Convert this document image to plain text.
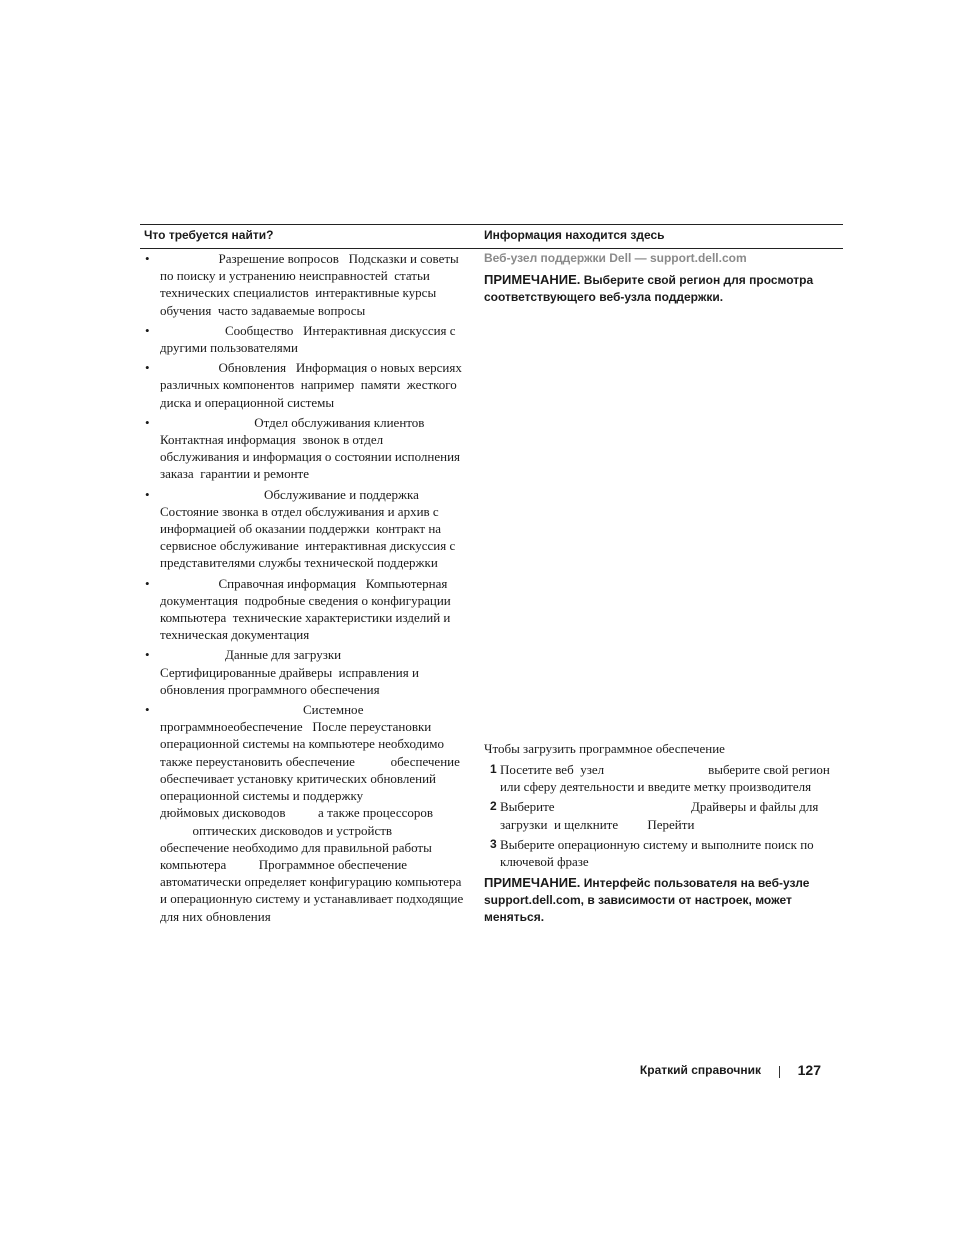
Что требуется найти?	Информация находится здесь
• Разрешение вопросов   Подсказки и советы
по поиску и устранению неисправностей  статьи
технических специалистов  интерактивные курсы
обучения  часто задаваемые вопросы
• Сообщество   Интерактивная дискуссия с
другими пользователями
• Обновления   Информация о новых версиях
различных компонентов  например  памяти  жесткого
диска и операционной системы
• Отдел обслуживания клиентов
Контактная информация  звонок в отдел
обслуживания и информация о состоянии исполнения
заказа  гарантии и ремонте
• Обслуживание и поддержка
Состояние звонка в отдел обслуживания и архив с
информацией об оказании поддержки  контракт на
сервисное обслуживание  интерактивная дискуссия с
представителями службы технической поддержки
• Справочная информация   Компьютерная
документация  подробные сведения о конфигурации
компьютера  технические характеристики изделий и
техническая документация
• Данные для загрузки
Сертифицированные драйверы  исправления и
обновления программного обеспечения
• Системное
программноеобеспечение   После переустановки
операционной системы на компьютере необходимо
также переустановить обеспечение           обеспечение
обеспечивает установку критических обновлений
операционной системы и поддержку
дюймовых дисководов          а также процессоров
оптических дисководов и устройств
обеспечение необходимо для правильной работы
компьютера          Программное обеспечение
автоматически определяет конфигурацию компьютера
и операционную систему и устанавливает подходящие
для них обновления
Веб-узел поддержки Dell — support.dell.com
ПРИМЕЧАНИЕ. Выберите свой регион для просмотра
соответствующего веб-узла поддержки.
Чтобы загрузить программное обеспечение
1 Посетите веб  узел                                выберите свой регион
или сферу деятельности и введите метку производителя
2 Выберите                                          Драйверы и файлы для
загрузки  и щелкните         Перейти
3 Выберите операционную систему и выполните поиск по
ключевой фразе
ПРИМЕЧАНИЕ. Интерфейс пользователя на веб-узле
support.dell.com, в зависимости от настроек, может
меняться.
Краткий справочник	127
